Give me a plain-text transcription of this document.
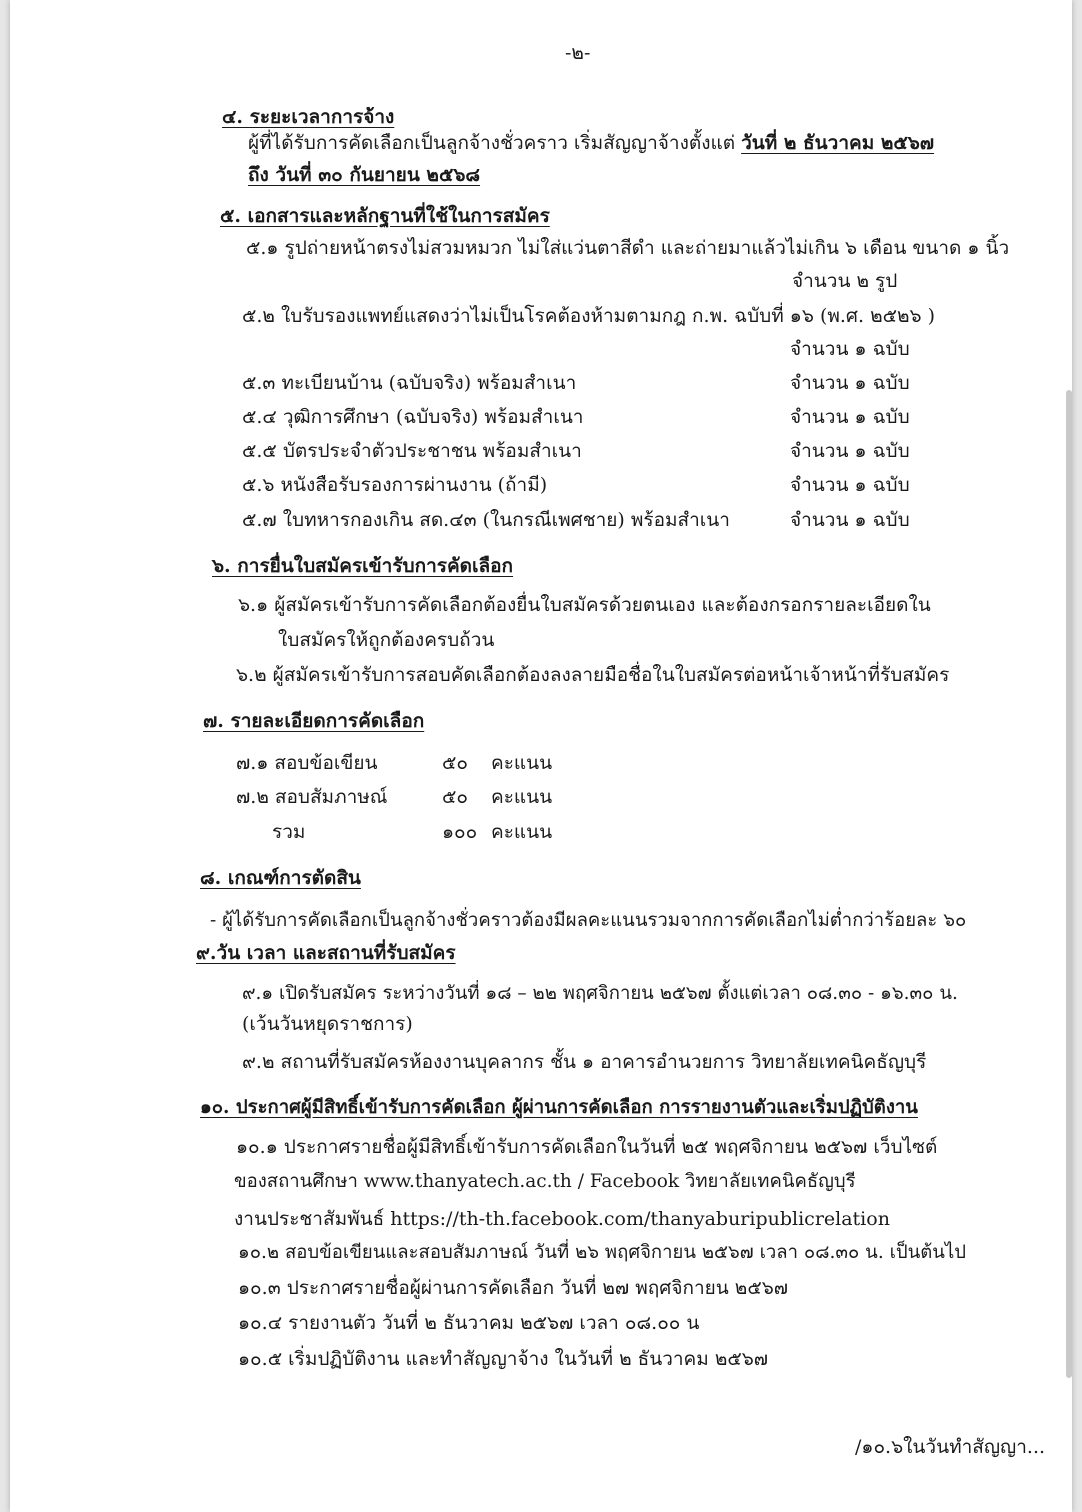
-๒-
๔. ระยะเวลาการจ้าง
ผู้ที่ได้รับการคัดเลือกเป็นลูกจ้างชั่วคราว เริ่มสัญญาจ้างตั้งแต่ วันที่ ๒ ธันวาคม ๒๕๖๗
ถึง วันที่ ๓๐ กันยายน ๒๕๖๘
๕. เอกสารและหลักฐานที่ใช้ในการสมัคร
๕.๑ รูปถ่ายหน้าตรงไม่สวมหมวก ไม่ใส่แว่นตาสีดำ และถ่ายมาแล้วไม่เกิน ๖ เดือน ขนาด ๑ นิ้ว
จำนวน ๒ รูป
๕.๒ ใบรับรองแพทย์แสดงว่าไม่เป็นโรคต้องห้ามตามกฎ ก.พ. ฉบับที่ ๑๖ (พ.ศ. ๒๕๒๖ )
จำนวน ๑ ฉบับ
๕.๓ ทะเบียนบ้าน (ฉบับจริง) พร้อมสำเนา	จำนวน ๑ ฉบับ
๕.๔ วุฒิการศึกษา (ฉบับจริง) พร้อมสำเนา	จำนวน ๑ ฉบับ
๕.๕ บัตรประจำตัวประชาชน พร้อมสำเนา	จำนวน ๑ ฉบับ
๕.๖ หนังสือรับรองการผ่านงาน (ถ้ามี)	จำนวน ๑ ฉบับ
๕.๗ ใบทหารกองเกิน สด.๔๓ (ในกรณีเพศชาย) พร้อมสำเนา	จำนวน ๑ ฉบับ
๖. การยื่นใบสมัครเข้ารับการคัดเลือก
๖.๑ ผู้สมัครเข้ารับการคัดเลือกต้องยื่นใบสมัครด้วยตนเอง และต้องกรอกรายละเอียดใน
ใบสมัครให้ถูกต้องครบถ้วน
๖.๒ ผู้สมัครเข้ารับการสอบคัดเลือกต้องลงลายมือชื่อในใบสมัครต่อหน้าเจ้าหน้าที่รับสมัคร
๗. รายละเอียดการคัดเลือก
๗.๑ สอบข้อเขียน	๕๐ คะแนน
๗.๒ สอบสัมภาษณ์	๕๐ คะแนน
รวม	๑๐๐ คะแนน
๘. เกณฑ์การตัดสิน
- ผู้ได้รับการคัดเลือกเป็นลูกจ้างชั่วคราวต้องมีผลคะแนนรวมจากการคัดเลือกไม่ต่ำกว่าร้อยละ ๖๐
๙.วัน เวลา และสถานที่รับสมัคร
๙.๑ เปิดรับสมัคร ระหว่างวันที่ ๑๘ – ๒๒ พฤศจิกายน ๒๕๖๗ ตั้งแต่เวลา ๐๘.๓๐ - ๑๖.๓๐ น.
(เว้นวันหยุดราชการ)
๙.๒ สถานที่รับสมัครห้องงานบุคลากร ชั้น ๑ อาคารอำนวยการ วิทยาลัยเทคนิคธัญบุรี
๑๐. ประกาศผู้มีสิทธิ์เข้ารับการคัดเลือก ผู้ผ่านการคัดเลือก การรายงานตัวและเริ่มปฏิบัติงาน
๑๐.๑ ประกาศรายชื่อผู้มีสิทธิ์เข้ารับการคัดเลือกในวันที่ ๒๕ พฤศจิกายน ๒๕๖๗ เว็บไซต์
ของสถานศึกษา www.thanyatech.ac.th / Facebook วิทยาลัยเทคนิคธัญบุรี
งานประชาสัมพันธ์ https://th-th.facebook.com/thanyaburipublicrelation
๑๐.๒ สอบข้อเขียนและสอบสัมภาษณ์ วันที่ ๒๖ พฤศจิกายน ๒๕๖๗ เวลา ๐๘.๓๐ น. เป็นต้นไป
๑๐.๓ ประกาศรายชื่อผู้ผ่านการคัดเลือก วันที่ ๒๗ พฤศจิกายน ๒๕๖๗
๑๐.๔ รายงานตัว วันที่ ๒ ธันวาคม ๒๕๖๗ เวลา ๐๘.๐๐ น
๑๐.๕ เริ่มปฏิบัติงาน และทำสัญญาจ้าง ในวันที่ ๒ ธันวาคม ๒๕๖๗
/๑๐.๖ในวันทำสัญญา...
